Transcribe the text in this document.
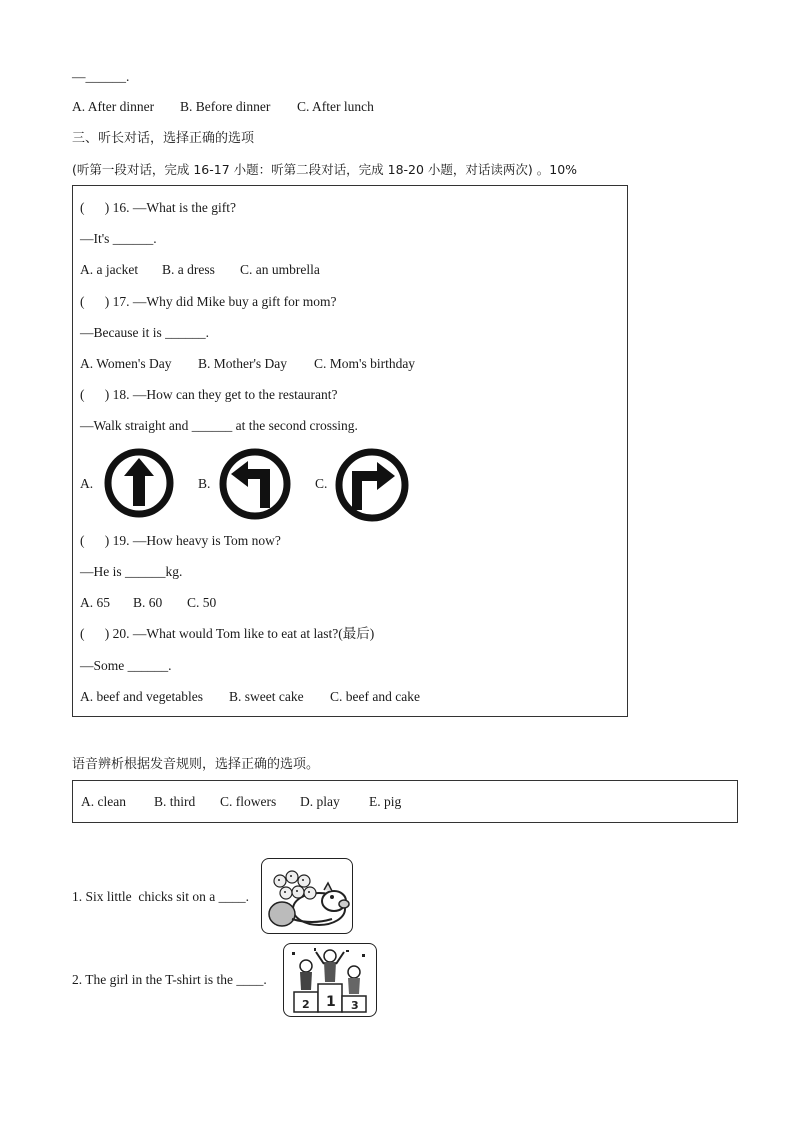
—______.
A. After dinner B. Before dinner C. After lunch
三、听长对话，选择正确的选项
(听第一段对话，完成 16-17 小题：听第二段对话，完成 18-20 小题，对话读两次) 。10%
(      ) 16. —What is the gift?
—It's ______.
A. a jacket B. a dress C. an umbrella
(      ) 17. —Why did Mike buy a gift for mom?
—Because it is ______.
A. Women's Day B. Mother's Day C. Mom's birthday
(      ) 18. —How can they get to the restaurant?
—Walk straight and ______ at the second crossing.
A.	B.	C.
(      ) 19. —How heavy is Tom now?
—He is ______kg.
A. 65 B. 60 C. 50
(      ) 20. —What would Tom like to eat at last?(最后)
—Some ______.
A. beef and vegetables B. sweet cake C. beef and cake
语音辨析根据发音规则，选择正确的选项。
A. clean B. third C. flowers D. play E. pig
1. Six little  chicks sit on a ____.
2. The girl in the T-shirt is the ____.
2 1 3
